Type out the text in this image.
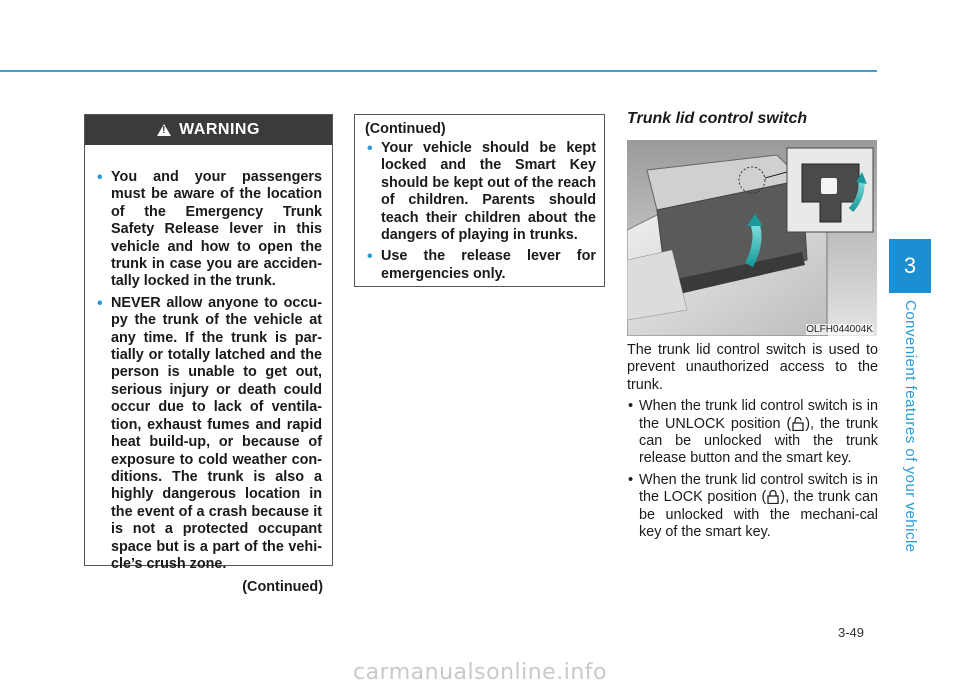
3
Convenient features of your vehicle
!
WARNING
• You and your passengers must be aware of the location of the Emergency Trunk Safety Release lever in this vehicle and how to open the trunk in case you are acciden-tally locked in the trunk.
• NEVER allow anyone to occu-py the trunk of the vehicle at any time. If the trunk is par-tially or totally latched and the person is unable to get out, serious injury or death could occur due to lack of ventila-tion, exhaust fumes and rapid heat build-up, or because of exposure to cold weather con-ditions. The trunk is also a highly dangerous location in the event of a crash because it is not a protected occupant space but is a part of the vehi-cle’s crush zone.
(Continued)
(Continued)
• Your vehicle should be kept locked and the Smart Key should be kept out of the reach of children. Parents should teach their children about the dangers of playing in trunks.
• Use the release lever for emergencies only.
Trunk lid control switch
OLFH044004K

The trunk lid control switch is used to prevent unauthorized access to the trunk.

• When the trunk lid control switch is in the UNLOCK position ( ), the trunk can be unlocked with the trunk release button and the smart key.
• When the trunk lid control switch is in the LOCK position ( ), the trunk can be unlocked with the mechani-cal key of the smart key.
3-49
carmanualsonline.info
